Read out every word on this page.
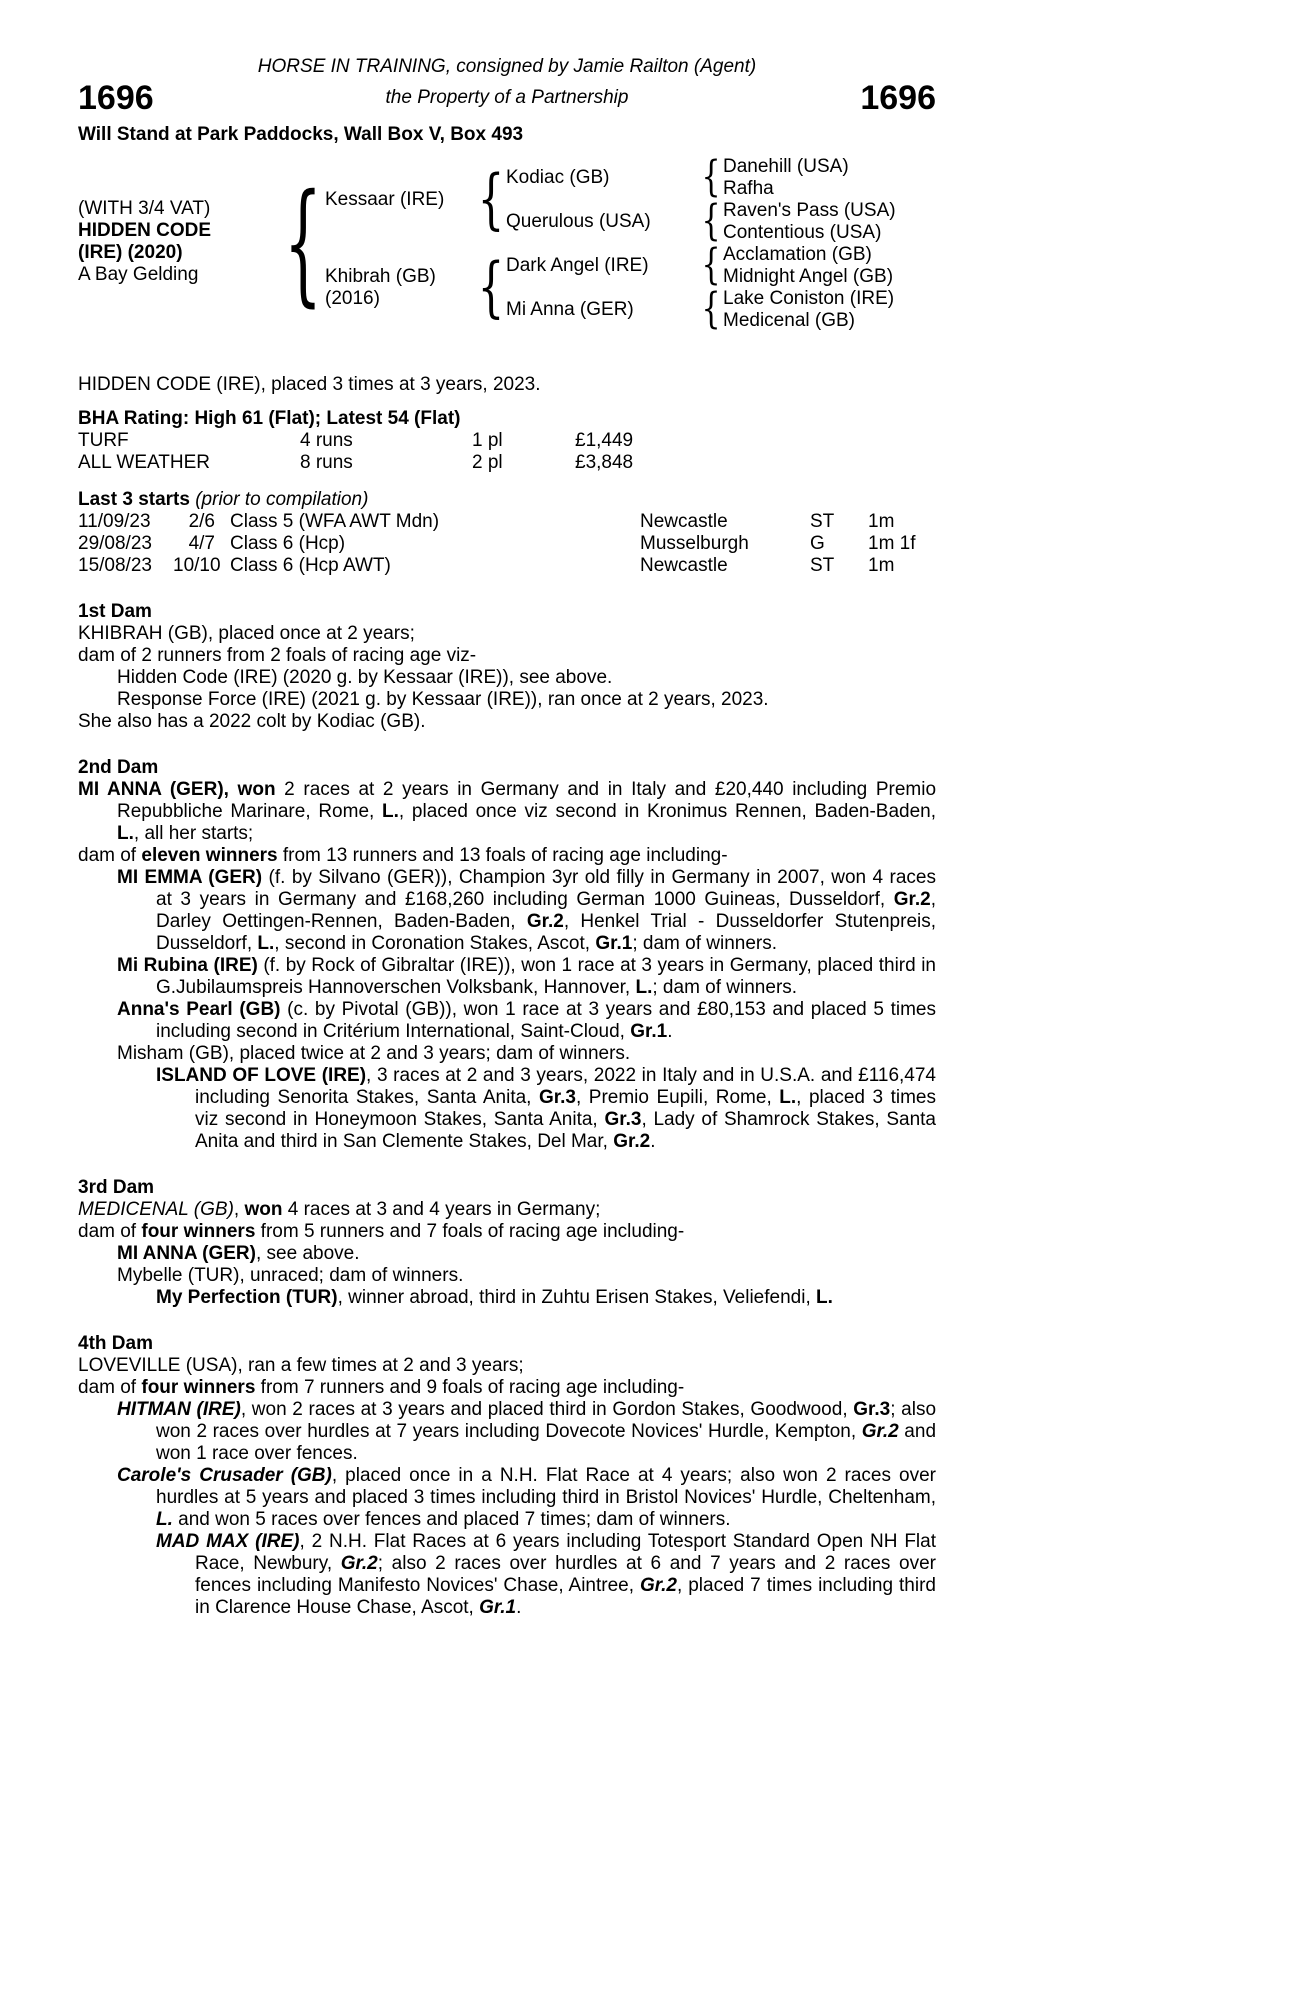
HORSE IN TRAINING, consigned by Jamie Railton (Agent)
1696	the Property of a Partnership	1696
Will Stand at Park Paddocks, Wall Box V, Box 493
(WITH 3/4 VAT)
HIDDEN CODE
(IRE) (2020)
A Bay Gelding { Kessaar (IRE)
Khibrah (GB)
(2016)
{
{
Kodiac (GB)
Querulous (USA)
Dark Angel (IRE)
Mi Anna (GER)
{
{
{
{
Danehill (USA)
Rafha
Raven's Pass (USA)
Contentious (USA)
Acclamation (GB)
Midnight Angel (GB)
Lake Coniston (IRE)
Medicenal (GB)

HIDDEN CODE (IRE), placed 3 times at 3 years, 2023.

BHA Rating: High 61 (Flat); Latest 54 (Flat)
TURF	4 runs	1 pl	£1,449
ALL WEATHER	8 runs	2 pl	£3,848
Last 3 starts (prior to compilation)
11/09/23	2/6 Class 5 (WFA AWT Mdn)	Newcastle	ST	1m
29/08/23	4/7 Class 6 (Hcp)	Musselburgh	G	1m 1f
15/08/23	10/10 Class 6 (Hcp AWT)	Newcastle	ST	1m
1st Dam
KHIBRAH (GB), placed once at 2 years;
dam of 2 runners from 2 foals of racing age viz-
Hidden Code (IRE) (2020 g. by Kessaar (IRE)), see above.
Response Force (IRE) (2021 g. by Kessaar (IRE)), ran once at 2 years, 2023.
She also has a 2022 colt by Kodiac (GB).
2nd Dam
MI ANNA (GER), won 2 races at 2 years in Germany and in Italy and £20,440 including Premio Repubbliche Marinare, Rome, L., placed once viz second in Kronimus Rennen, Baden-Baden, L., all her starts;
dam of eleven winners from 13 runners and 13 foals of racing age including-
MI EMMA (GER) (f. by Silvano (GER)), Champion 3yr old filly in Germany in 2007, won 4 races at 3 years in Germany and £168,260 including German 1000 Guineas, Dusseldorf, Gr.2, Darley Oettingen-Rennen, Baden-Baden, Gr.2, Henkel Trial - Dusseldorfer Stutenpreis, Dusseldorf, L., second in Coronation Stakes, Ascot, Gr.1; dam of winners.
Mi Rubina (IRE) (f. by Rock of Gibraltar (IRE)), won 1 race at 3 years in Germany, placed third in G.Jubilaumspreis Hannoverschen Volksbank, Hannover, L.; dam of winners.
Anna's Pearl (GB) (c. by Pivotal (GB)), won 1 race at 3 years and £80,153 and placed 5 times including second in Critérium International, Saint-Cloud, Gr.1.
Misham (GB), placed twice at 2 and 3 years; dam of winners.
ISLAND OF LOVE (IRE), 3 races at 2 and 3 years, 2022 in Italy and in U.S.A. and £116,474 including Senorita Stakes, Santa Anita, Gr.3, Premio Eupili, Rome, L., placed 3 times viz second in Honeymoon Stakes, Santa Anita, Gr.3, Lady of Shamrock Stakes, Santa Anita and third in San Clemente Stakes, Del Mar, Gr.2.
3rd Dam
MEDICENAL (GB), won 4 races at 3 and 4 years in Germany;
dam of four winners from 5 runners and 7 foals of racing age including-
MI ANNA (GER), see above.
Mybelle (TUR), unraced; dam of winners.
My Perfection (TUR), winner abroad, third in Zuhtu Erisen Stakes, Veliefendi, L.
4th Dam
LOVEVILLE (USA), ran a few times at 2 and 3 years;
dam of four winners from 7 runners and 9 foals of racing age including-
HITMAN (IRE), won 2 races at 3 years and placed third in Gordon Stakes, Goodwood, Gr.3; also won 2 races over hurdles at 7 years including Dovecote Novices' Hurdle, Kempton, Gr.2 and won 1 race over fences.
Carole's Crusader (GB), placed once in a N.H. Flat Race at 4 years; also won 2 races over hurdles at 5 years and placed 3 times including third in Bristol Novices' Hurdle, Cheltenham, L. and won 5 races over fences and placed 7 times; dam of winners.
MAD MAX (IRE), 2 N.H. Flat Races at 6 years including Totesport Standard Open NH Flat Race, Newbury, Gr.2; also 2 races over hurdles at 6 and 7 years and 2 races over fences including Manifesto Novices' Chase, Aintree, Gr.2, placed 7 times including third in Clarence House Chase, Ascot, Gr.1.
